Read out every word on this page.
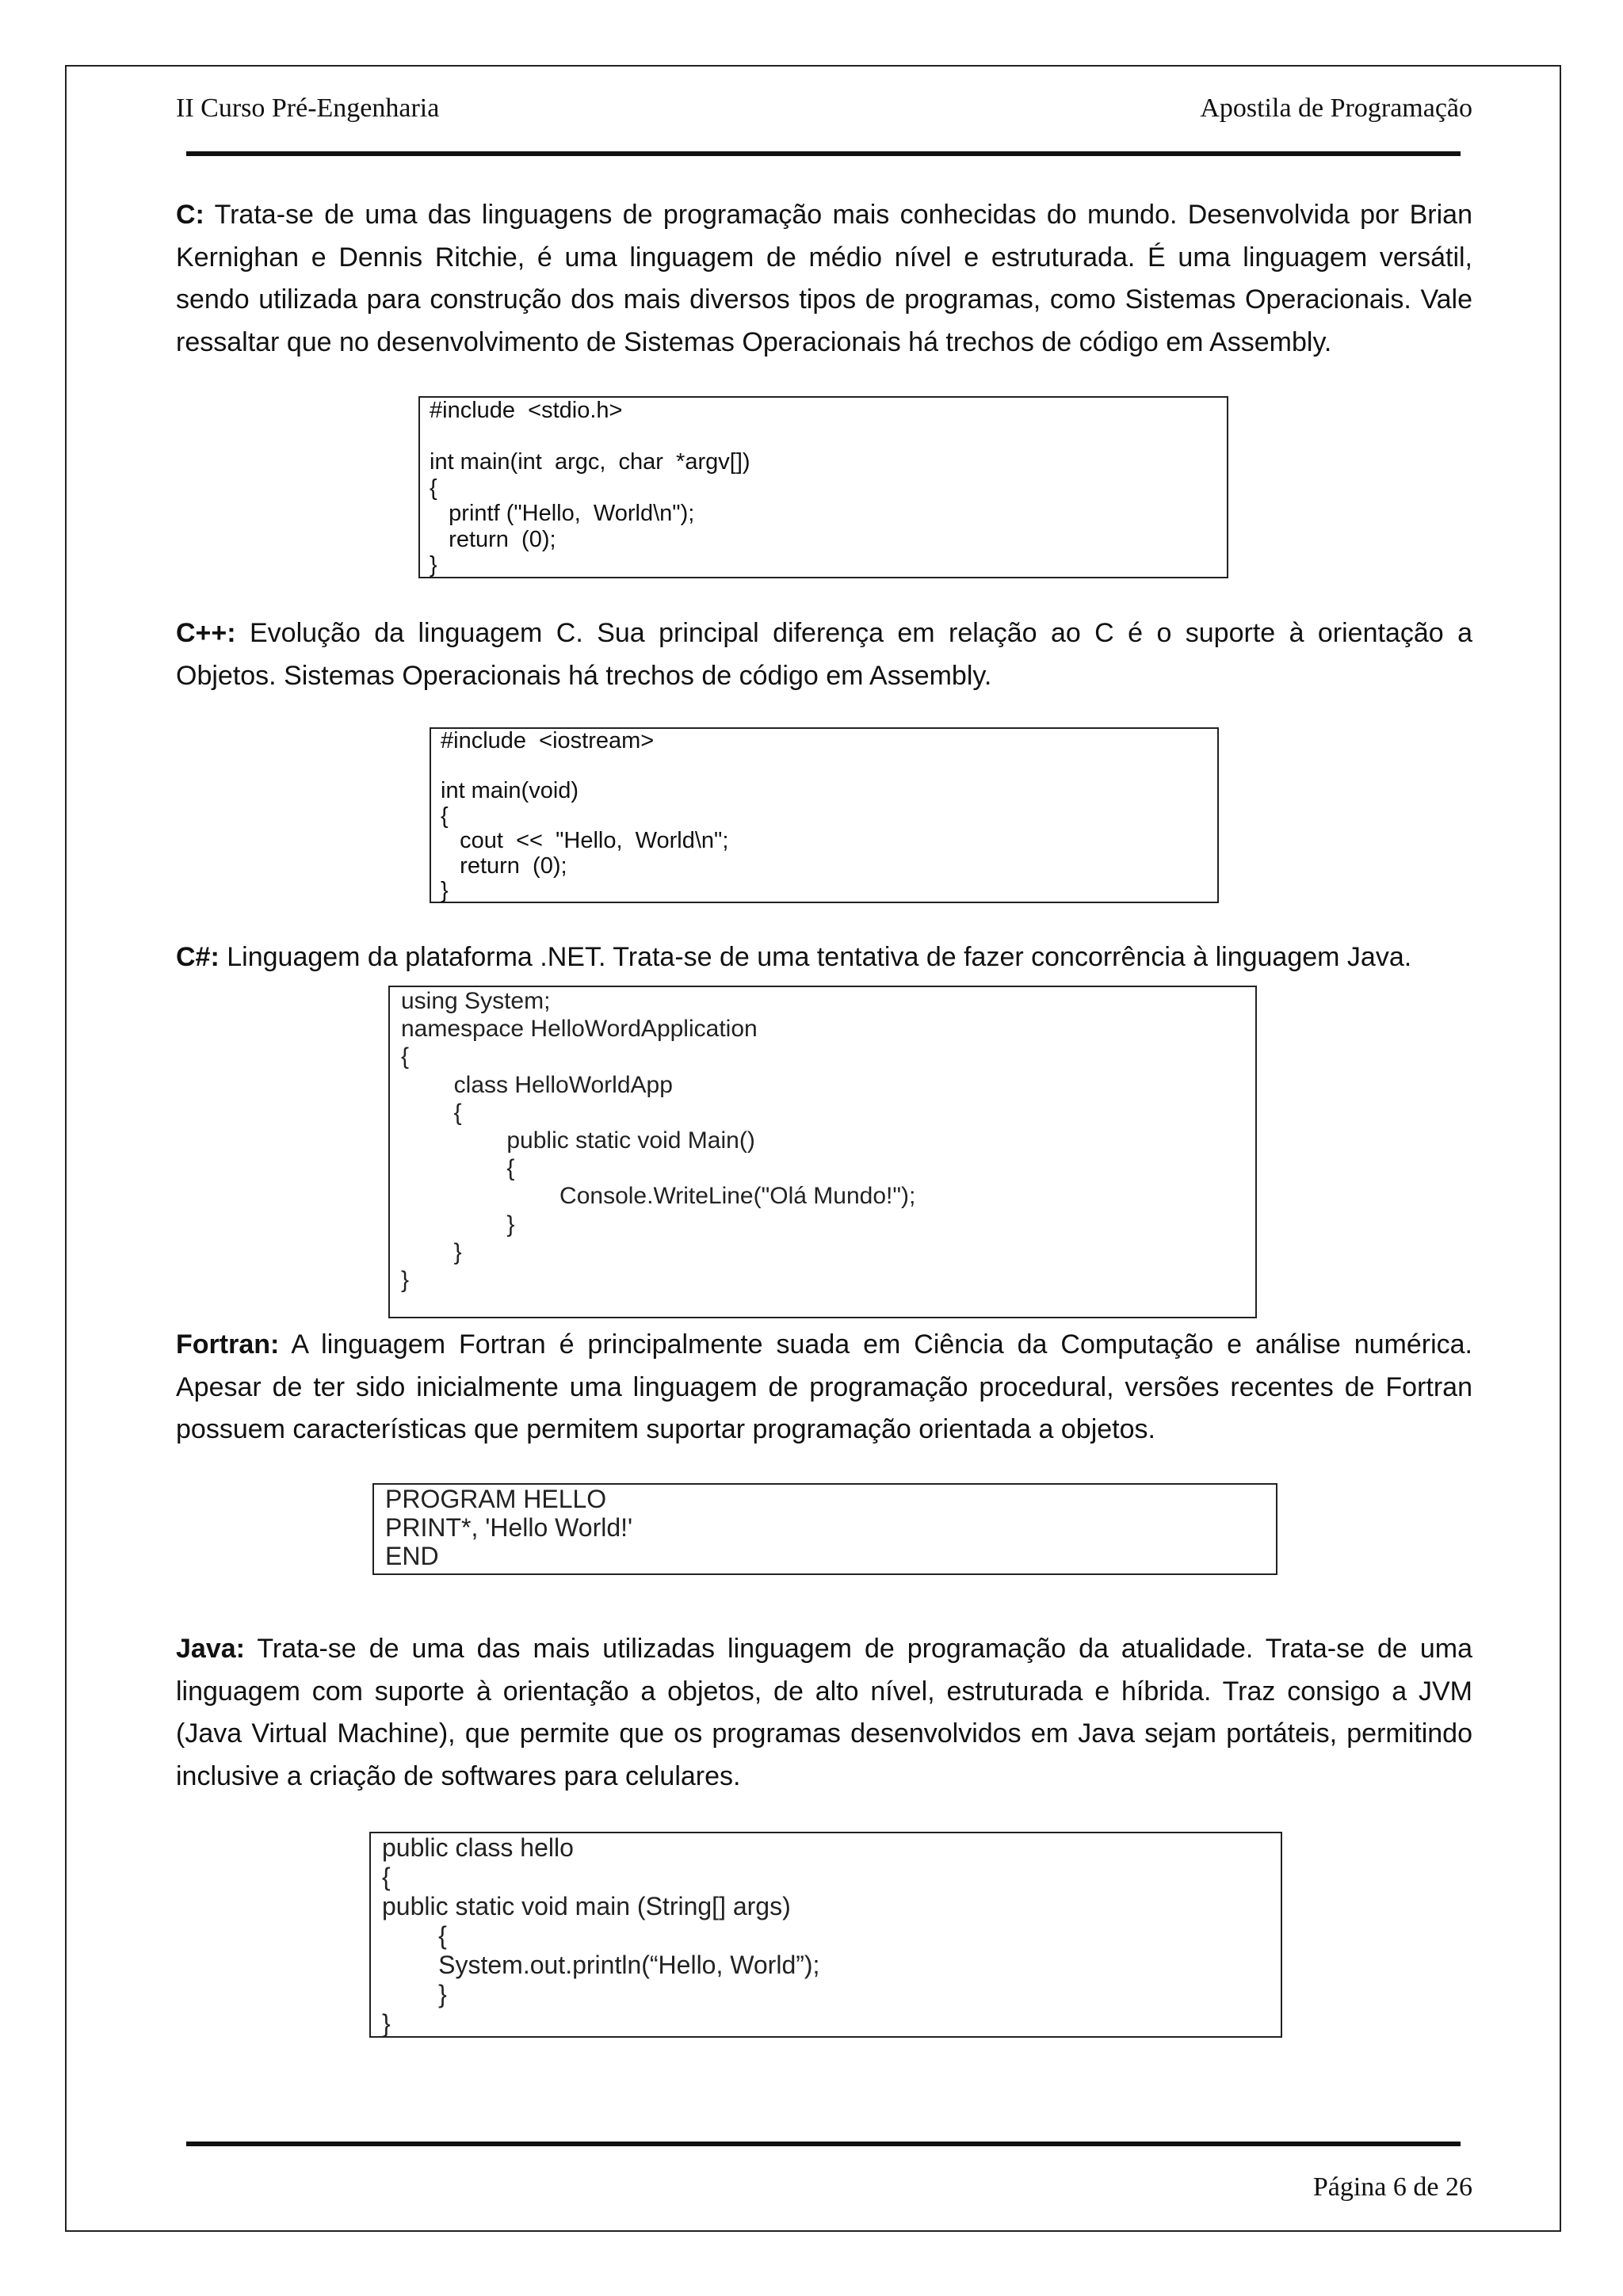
II Curso Pré-Engenharia	Apostila de Programação

C: Trata-se de uma das linguagens de programação mais conhecidas do mundo. Desenvolvida por Brian Kernighan e Dennis Ritchie, é uma linguagem de médio nível e estruturada. É uma linguagem versátil, sendo utilizada para construção dos mais diversos tipos de programas, como Sistemas Operacionais. Vale ressaltar que no desenvolvimento de Sistemas Operacionais há trechos de código em Assembly.

#include  <stdio.h>

int main(int  argc,  char  *argv[])
{
printf ("Hello,  World\n");
return  (0);
}

C++: Evolução da linguagem C. Sua principal diferença em relação ao C é o suporte à orientação a Objetos. Sistemas Operacionais há trechos de código em Assembly.

#include  <iostream>

int main(void)
{
cout  <<  "Hello,  World\n";
return  (0);
}

C#: Linguagem da plataforma .NET. Trata-se de uma tentativa de fazer concorrência à linguagem Java.

using System;
namespace HelloWordApplication
{
class HelloWorldApp
{
public static void Main()
{
Console.WriteLine("Olá Mundo!");
}
}
}

Fortran: A linguagem Fortran é principalmente suada em Ciência da Computação e análise numérica. Apesar de ter sido inicialmente uma linguagem de programação procedural, versões recentes de Fortran possuem características que permitem suportar programação orientada a objetos.

PROGRAM HELLO
PRINT*, 'Hello World!'
END

Java: Trata-se de uma das mais utilizadas linguagem de programação da atualidade. Trata-se de uma linguagem com suporte à orientação a objetos, de alto nível, estruturada e híbrida. Traz consigo a JVM (Java Virtual Machine), que permite que os programas desenvolvidos em Java sejam portáteis, permitindo inclusive a criação de softwares para celulares.

public class hello
{
public static void main (String[] args)
{
System.out.println(“Hello, World”);
}
}
Página 6 de 26
